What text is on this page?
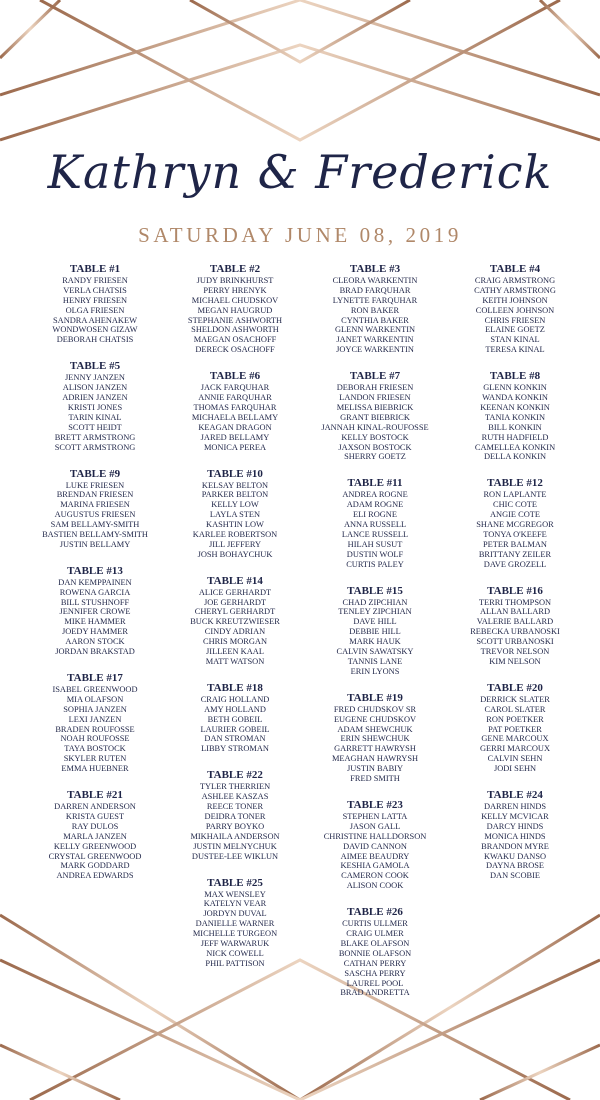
Kathryn & Frederick
SATURDAY JUNE 08, 2019
TABLE #1
RANDY FRIESEN
VERLA CHATSIS
HENRY FRIESEN
OLGA FRIESEN
SANDRA AHENAKEW
WONDWOSEN GIZAW
DEBORAH CHATSIS
TABLE #5
JENNY JANZEN
ALISON JANZEN
ADRIEN JANZEN
KRISTI JONES
TARIN KINAL
SCOTT HEIDT
BRETT ARMSTRONG
SCOTT ARMSTRONG
TABLE #9
LUKE FRIESEN
BRENDAN FRIESEN
MARINA FRIESEN
AUGUSTUS FRIESEN
SAM BELLAMY-SMITH
BASTIEN BELLAMY-SMITH
JUSTIN BELLAMY
TABLE #13
DAN KEMPPAINEN
ROWENA GARCIA
BILL STUSHNOFF
JENNIFER CROWE
MIKE HAMMER
JOEDY HAMMER
AARON STOCK
JORDAN BRAKSTAD
TABLE #17
ISABEL GREENWOOD
MIA OLAFSON
SOPHIA JANZEN
LEXI JANZEN
BRADEN ROUFOSSE
NOAH ROUFOSSE
TAYA BOSTOCK
SKYLER RUTEN
EMMA HUEBNER
TABLE #21
DARREN ANDERSON
KRISTA GUEST
RAY DULOS
MARLA JANZEN
KELLY GREENWOOD
CRYSTAL GREENWOOD
MARK GODDARD
ANDREA EDWARDS
TABLE #2
JUDY BRINKHURST
PERRY HRENYK
MICHAEL CHUDSKOV
MEGAN HAUGRUD
STEPHANIE ASHWORTH
SHELDON ASHWORTH
MAEGAN OSACHOFF
DERECK OSACHOFF
TABLE #6
JACK FARQUHAR
ANNIE FARQUHAR
THOMAS FARQUHAR
MICHAELA BELLAMY
KEAGAN DRAGON
JARED BELLAMY
MONICA PEREA
TABLE #10
KELSAY BELTON
PARKER BELTON
KELLY LOW
LAYLA STEN
KASHTIN LOW
KARLEE ROBERTSON
JILL JEFFERY
JOSH BOHAYCHUK
TABLE #14
ALICE GERHARDT
JOE GERHARDT
CHERYL GERHARDT
BUCK KREUTZWIESER
CINDY ADRIAN
CHRIS MORGAN
JILLEEN KAAL
MATT WATSON
TABLE #18
CRAIG HOLLAND
AMY HOLLAND
BETH GOBEIL
LAURIER GOBEIL
DAN STROMAN
LIBBY STROMAN
TABLE #22
TYLER THERRIEN
ASHLEE KASZAS
REECE TONER
DEIDRA TONER
PARRY BOYKO
MIKHAILA ANDERSON
JUSTIN MELNYCHUK
DUSTEE-LEE WIKLUN
TABLE #25
MAX WENSLEY
KATELYN VEAR
JORDYN DUVAL
DANIELLE WARNER
MICHELLE TURGEON
JEFF WARWARUK
NICK COWELL
PHIL PATTISON
TABLE #3
CLEORA WARKENTIN
BRAD FARQUHAR
LYNETTE FARQUHAR
RON BAKER
CYNTHIA BAKER
GLENN WARKENTIN
JANET WARKENTIN
JOYCE WARKENTIN
TABLE #7
DEBORAH FRIESEN
LANDON FRIESEN
MELISSA BIEBRICK
GRANT BIEBRICK
JANNAH KINAL-ROUFOSSE
KELLY BOSTOCK
JAXSON BOSTOCK
SHERRY GOETZ
TABLE #11
ANDREA ROGNE
ADAM ROGNE
ELI ROGNE
ANNA RUSSELL
LANCE RUSSELL
HILAH SUSUT
DUSTIN WOLF
CURTIS PALEY
TABLE #15
CHAD ZIPCHIAN
TENLEY ZIPCHIAN
DAVE HILL
DEBBIE HILL
MARK HAUK
CALVIN SAWATSKY
TANNIS LANE
ERIN LYONS
TABLE #19
FRED CHUDSKOV SR
EUGENE CHUDSKOV
ADAM SHEWCHUK
ERIN SHEWCHUK
GARRETT HAWRYSH
MEAGHAN HAWRYSH
JUSTIN BABIY
FRED SMITH
TABLE #23
STEPHEN LATTA
JASON GALL
CHRISTINE HALLDORSON
DAVID CANNON
AIMEE BEAUDRY
KESHIA GAMOLA
CAMERON COOK
ALISON COOK
TABLE #26
CURTIS ULLMER
CRAIG ULMER
BLAKE OLAFSON
BONNIE OLAFSON
CATHAN PERRY
SASCHA PERRY
LAUREL POOL
BRAD ANDRETTA
TABLE #4
CRAIG ARMSTRONG
CATHY ARMSTRONG
KEITH JOHNSON
COLLEEN JOHNSON
CHRIS FRIESEN
ELAINE GOETZ
STAN KINAL
TERESA KINAL
TABLE #8
GLENN KONKIN
WANDA KONKIN
KEENAN KONKIN
TANIA KONKIN
BILL KONKIN
RUTH HADFIELD
CAMELLEA KONKIN
DELLA KONKIN
TABLE #12
RON LAPLANTE
CHIC COTE
ANGIE COTE
SHANE MCGREGOR
TONYA O'KEEFE
PETER BALMAN
BRITTANY ZEILER
DAVE GROZELL
TABLE #16
TERRI THOMPSON
ALLAN BALLARD
VALERIE BALLARD
REBECKA URBANOSKI
SCOTT URBANOSKI
TREVOR NELSON
KIM NELSON
TABLE #20
DERRICK SLATER
CAROL SLATER
RON POETKER
PAT POETKER
GENE MARCOUX
GERRI MARCOUX
CALVIN SEHN
JODI SEHN
TABLE #24
DARREN HINDS
KELLY MCVICAR
DARCY HINDS
MONICA HINDS
BRANDON MYRE
KWAKU DANSO
DAYNA BROSE
DAN SCOBIE
